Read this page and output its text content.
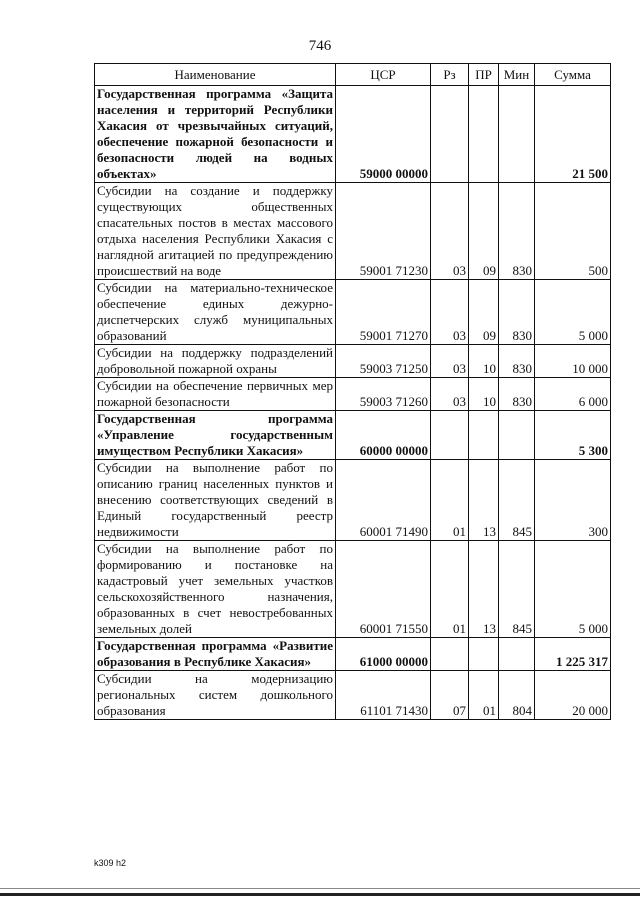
746
Наименование	ЦСР	Рз	ПР	Мин	Сумма
Государственная программа «Защита населения и территорий Республики Хакасия от чрезвычайных ситуаций, обеспечение пожарной безопасности и безопасности людей на водных объектах»	59000 00000				21 500
Субсидии на создание и поддержку существующих общественных спасательных постов в местах массового отдыха населения Республики Хакасия с наглядной агитацией по предупреждению происшествий на воде	59001 71230	03	09	830	500
Субсидии на материально-техническое обеспечение единых дежурно-диспетчерских служб муниципальных образований	59001 71270	03	09	830	5 000
Субсидии на поддержку подразделений добровольной пожарной охраны	59003 71250	03	10	830	10 000
Субсидии на обеспечение первичных мер пожарной безопасности	59003 71260	03	10	830	6 000
Государственная программа «Управление государственным имуществом Республики Хакасия»	60000 00000				5 300
Субсидии на выполнение работ по описанию границ населенных пунктов и внесению соответствующих сведений в Единый государственный реестр недвижимости	60001 71490	01	13	845	300
Субсидии на выполнение работ по формированию и постановке на кадастровый учет земельных участков сельскохозяйственного назначения, образованных в счет невостребованных земельных долей	60001 71550	01	13	845	5 000
Государственная программа «Развитие образования в Республике Хакасия»	61000 00000				1 225 317
Субсидии на модернизацию региональных систем дошкольного образования	61101 71430	07	01	804	20 000
k309 h2
